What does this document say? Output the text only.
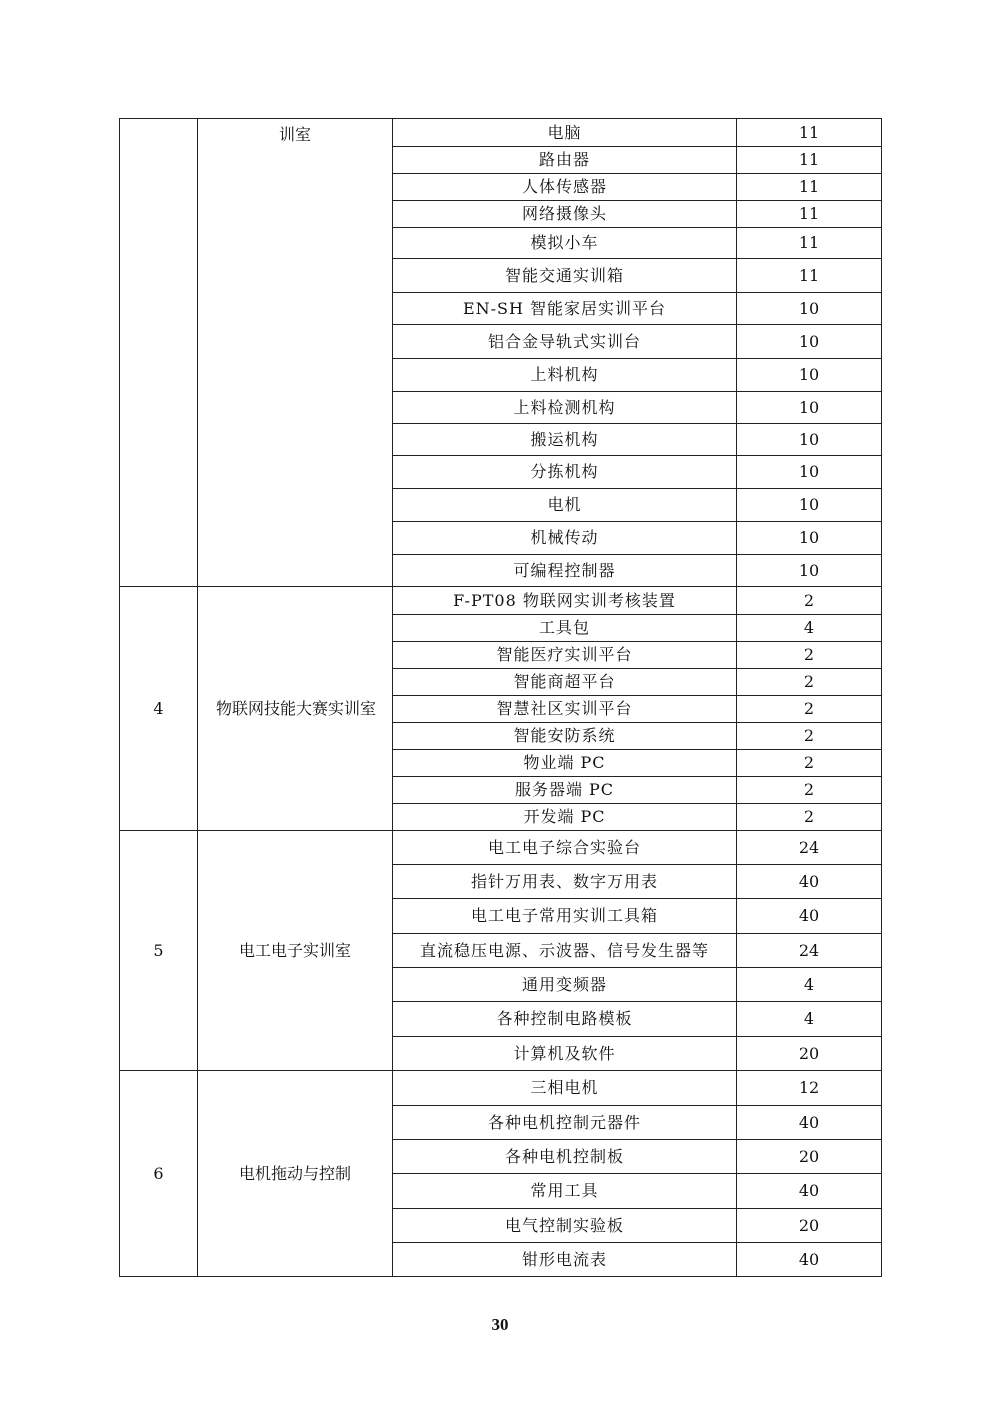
	训室	电脑	11
		路由器	11
		人体传感器	11
		网络摄像头	11
		模拟小车	11
		智能交通实训箱	11
		EN-SH 智能家居实训平台	10
		铝合金导轨式实训台	10
		上料机构	10
		上料检测机构	10
		搬运机构	10
		分拣机构	10
		电机	10
		机械传动	10
		可编程控制器	10
4	物联网技能大赛实训室	F-PT08 物联网实训考核装置	2
		工具包	4
		智能医疗实训平台	2
		智能商超平台	2
		智慧社区实训平台	2
		智能安防系统	2
		物业端 PC	2
		服务器端 PC	2
		开发端 PC	2
5	电工电子实训室	电工电子综合实验台	24
		指针万用表、数字万用表	40
		电工电子常用实训工具箱	40
		直流稳压电源、示波器、信号发生器等	24
		通用变频器	4
		各种控制电路模板	4
		计算机及软件	20
6	电机拖动与控制	三相电机	12
		各种电机控制元器件	40
		各种电机控制板	20
		常用工具	40
		电气控制实验板	20
		钳形电流表	40
30
